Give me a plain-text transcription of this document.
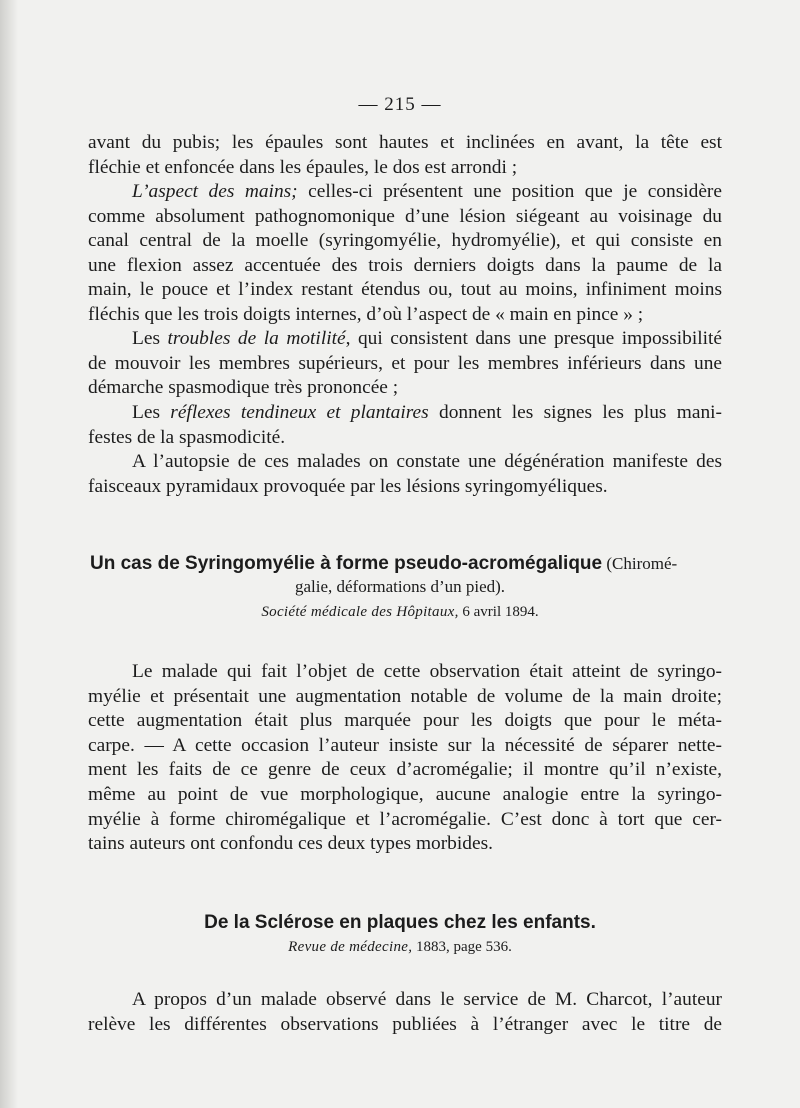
— 215 —
avant du pubis; les épaules sont hautes et inclinées en avant, la tête est
fléchie et enfoncée dans les épaules, le dos est arrondi ;
L’aspect des mains; celles-ci présentent une position que je considère
comme absolument pathognomonique d’une lésion siégeant au voisinage du
canal central de la moelle (syringomyélie, hydromyélie), et qui consiste en
une flexion assez accentuée des trois derniers doigts dans la paume de la
main, le pouce et l’index restant étendus ou, tout au moins, infiniment moins
fléchis que les trois doigts internes, d’où l’aspect de « main en pince » ;
Les troubles de la motilité, qui consistent dans une presque impossibilité
de mouvoir les membres supérieurs, et pour les membres inférieurs dans une
démarche spasmodique très prononcée ;
Les réflexes tendineux et plantaires donnent les signes les plus mani-
festes de la spasmodicité.
A l’autopsie de ces malades on constate une dégénération manifeste des
faisceaux pyramidaux provoquée par les lésions syringomyéliques.
Un cas de Syringomyélie à forme pseudo-acromégalique (Chiromé-
galie, déformations d’un pied).
Société médicale des Hôpitaux, 6 avril 1894.
Le malade qui fait l’objet de cette observation était atteint de syringo-
myélie et présentait une augmentation notable de volume de la main droite;
cette augmentation était plus marquée pour les doigts que pour le méta-
carpe. — A cette occasion l’auteur insiste sur la nécessité de séparer nette-
ment les faits de ce genre de ceux d’acromégalie; il montre qu’il n’existe,
même au point de vue morphologique, aucune analogie entre la syringo-
myélie à forme chiromégalique et l’acromégalie. C’est donc à tort que cer-
tains auteurs ont confondu ces deux types morbides.
De la Sclérose en plaques chez les enfants.
Revue de médecine, 1883, page 536.
A propos d’un malade observé dans le service de M. Charcot, l’auteur
relève les différentes observations publiées à l’étranger avec le titre de
